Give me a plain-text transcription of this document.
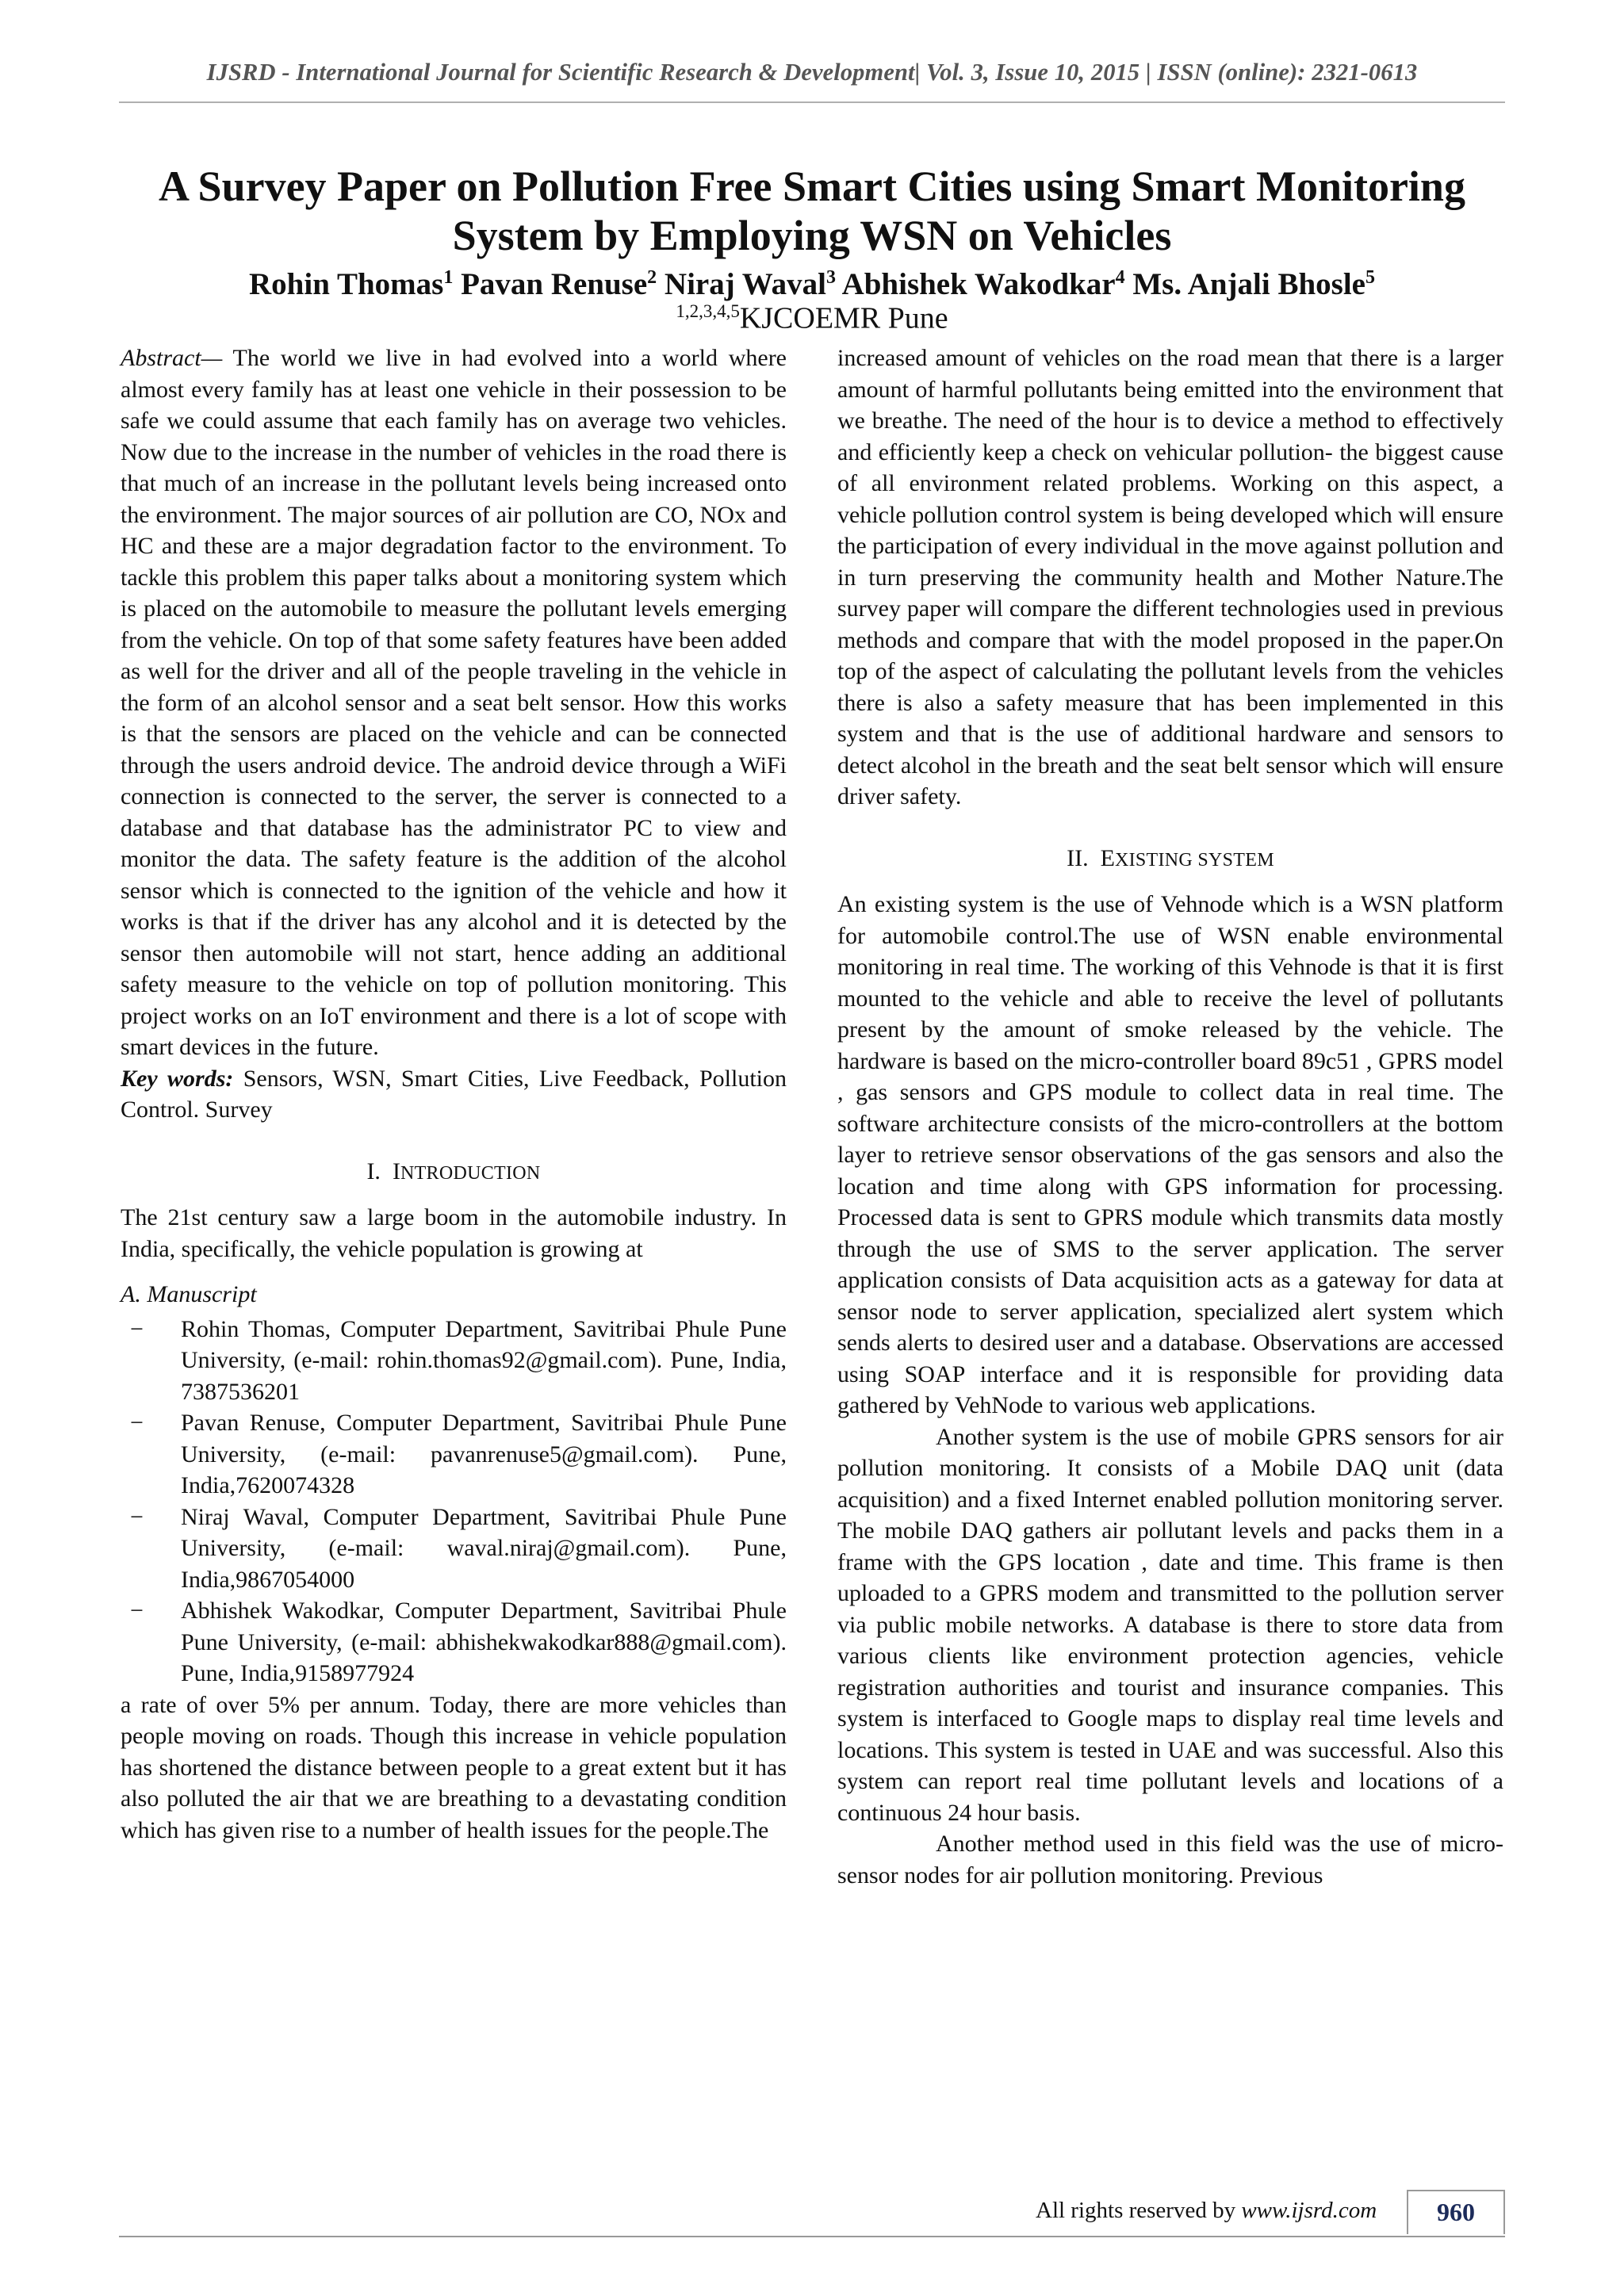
IJSRD - International Journal for Scientific Research & Development| Vol. 3, Issue 10, 2015 | ISSN (online): 2321-0613
A Survey Paper on Pollution Free Smart Cities using Smart Monitoring System by Employing WSN on Vehicles
Rohin Thomas$^1$ Pavan Renuse$^2$ Niraj Waval$^3$ Abhishek Wakodkar$^4$ Ms. Anjali Bhosle$^5$
$^{1,2,3,4,5}$KJCOEMR Pune

Abstract— The world we live in had evolved into a world where almost every family has at least one vehicle in their possession to be safe we could assume that each family has on average two vehicles. Now due to the increase in the number of vehicles in the road there is that much of an increase in the pollutant levels being increased onto the environment. The major sources of air pollution are CO, NOx and HC and these are a major degradation factor to the environment. To tackle this problem this paper talks about a monitoring system which is placed on the automobile to measure the pollutant levels emerging from the vehicle. On top of that some safety features have been added as well for the driver and all of the people traveling in the vehicle in the form of an alcohol sensor and a seat belt sensor. How this works is that the sensors are placed on the vehicle and can be connected through the users android device. The android device through a WiFi connection is connected to the server, the server is connected to a database and that database has the administrator PC to view and monitor the data. The safety feature is the addition of the alcohol sensor which is connected to the ignition of the vehicle and how it works is that if the driver has any alcohol and it is detected by the sensor then automobile will not start, hence adding an additional safety measure to the vehicle on top of pollution monitoring. This project works on an IoT environment and there is a lot of scope with smart devices in the future.

Key words: Sensors, WSN, Smart Cities, Live Feedback, Pollution Control. Survey

I. INTRODUCTION

The 21st century saw a large boom in the automobile industry. In India, specifically, the vehicle population is growing at

A. Manuscript
− Rohin Thomas, Computer Department, Savitribai Phule Pune University, (e-mail: rohin.thomas92@gmail.com). Pune, India, 7387536201
− Pavan Renuse, Computer Department, Savitribai Phule Pune University, (e-mail: pavanrenuse5@gmail.com). Pune, India,7620074328
− Niraj Waval, Computer Department, Savitribai Phule Pune University, (e-mail: waval.niraj@gmail.com). Pune, India,9867054000
− Abhishek Wakodkar, Computer Department, Savitribai Phule Pune University, (e-mail: abhishekwakodkar888@gmail.com). Pune, India,9158977924

a rate of over 5% per annum. Today, there are more vehicles than people moving on roads. Though this increase in vehicle population has shortened the distance between people to a great extent but it has also polluted the air that we are breathing to a devastating condition which has given rise to a number of health issues for the people.The

increased amount of vehicles on the road mean that there is a larger amount of harmful pollutants being emitted into the environment that we breathe. The need of the hour is to device a method to effectively and efficiently keep a check on vehicular pollution- the biggest cause of all environment related problems. Working on this aspect, a vehicle pollution control system is being developed which will ensure the participation of every individual in the move against pollution and in turn preserving the community health and Mother Nature.The survey paper will compare the different technologies used in previous methods and compare that with the model proposed in the paper.On top of the aspect of calculating the pollutant levels from the vehicles there is also a safety measure that has been implemented in this system and that is the use of additional hardware and sensors to detect alcohol in the breath and the seat belt sensor which will ensure driver safety.

II. EXISTING SYSTEM

An existing system is the use of Vehnode which is a WSN platform for automobile control.The use of WSN enable environmental monitoring in real time. The working of this Vehnode is that it is first mounted to the vehicle and able to receive the level of pollutants present by the amount of smoke released by the vehicle. The hardware is based on the micro-controller board 89c51 , GPRS model , gas sensors and GPS module to collect data in real time. The software architecture consists of the micro-controllers at the bottom layer to retrieve sensor observations of the gas sensors and also the location and time along with GPS information for processing. Processed data is sent to GPRS module which transmits data mostly through the use of SMS to the server application. The server application consists of Data acquisition acts as a gateway for data at sensor node to server application, specialized alert system which sends alerts to desired user and a database. Observations are accessed using SOAP interface and it is responsible for providing data gathered by VehNode to various web applications.

Another system is the use of mobile GPRS sensors for air pollution monitoring. It consists of a Mobile DAQ unit (data acquisition) and a fixed Internet enabled pollution monitoring server. The mobile DAQ gathers air pollutant levels and packs them in a frame with the GPS location , date and time. This frame is then uploaded to a GPRS modem and transmitted to the pollution server via public mobile networks. A database is there to store data from various clients like environment protection agencies, vehicle registration authorities and tourist and insurance companies. This system is interfaced to Google maps to display real time levels and locations. This system is tested in UAE and was successful. Also this system can report real time pollutant levels and locations of a continuous 24 hour basis.

Another method used in this field was the use of micro-sensor nodes for air pollution monitoring. Previous

All rights reserved by www.ijsrd.com	960
